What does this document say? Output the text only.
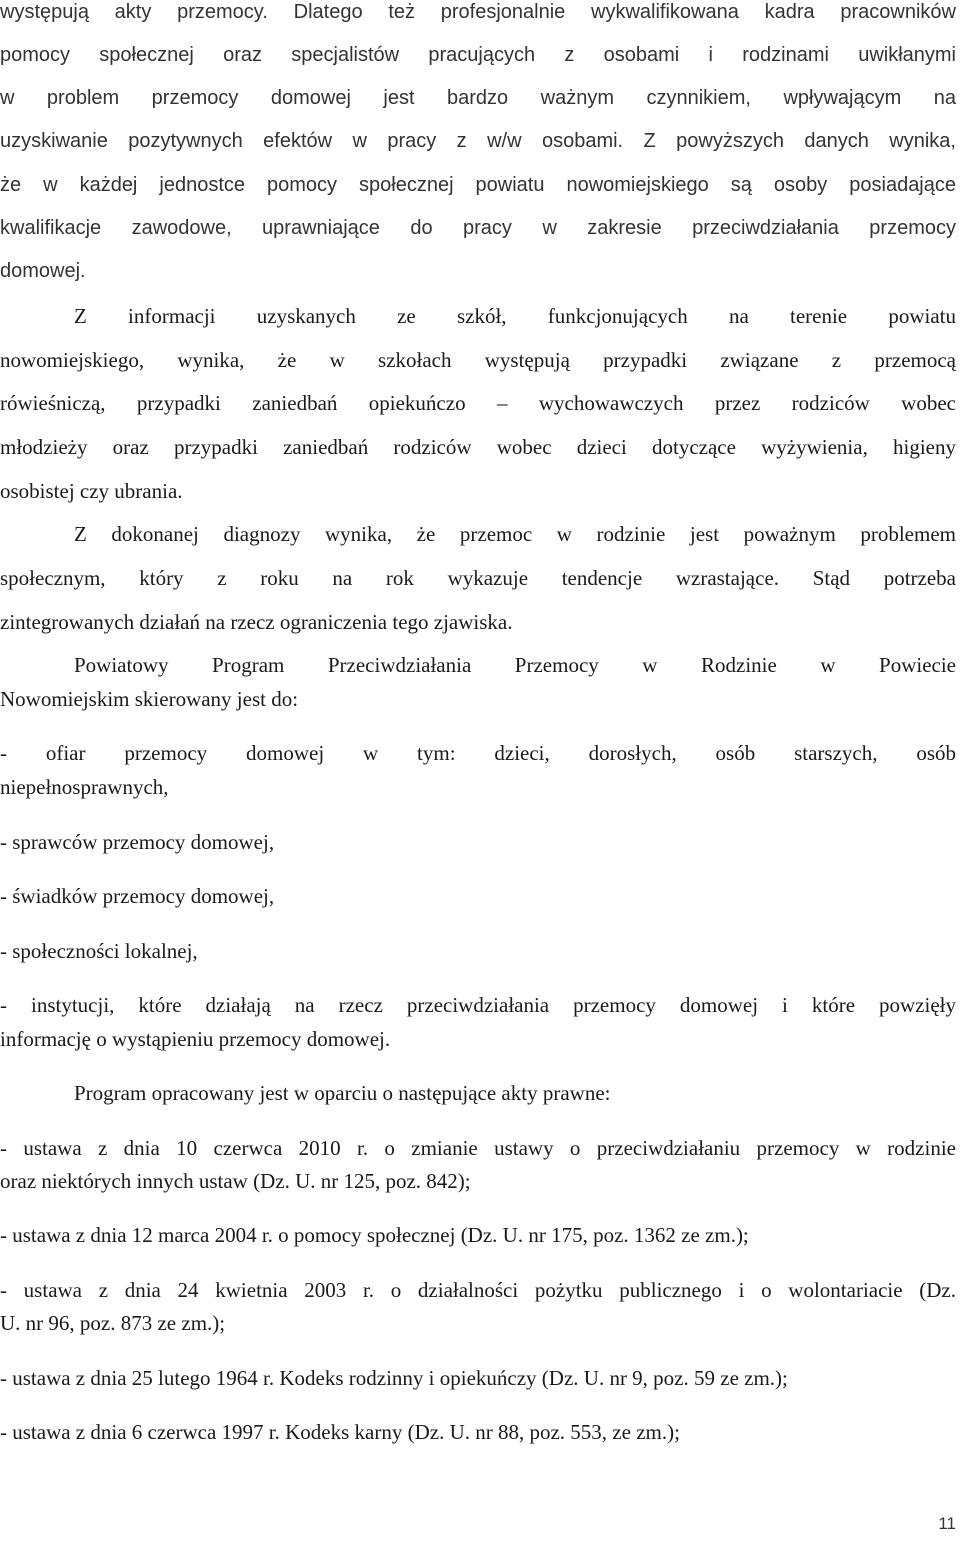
występują akty przemocy. Dlatego też profesjonalnie wykwalifikowana kadra pracowników
pomocy społecznej oraz specjalistów pracujących z osobami i rodzinami uwikłanymi
w problem przemocy domowej jest bardzo ważnym czynnikiem, wpływającym na
uzyskiwanie pozytywnych efektów w pracy z w/w osobami. Z powyższych danych wynika,
że w każdej jednostce pomocy społecznej powiatu nowomiejskiego są osoby posiadające
kwalifikacje zawodowe, uprawniające do pracy w zakresie przeciwdziałania przemocy
domowej.
Z informacji uzyskanych ze szkół, funkcjonujących na terenie powiatu
nowomiejskiego, wynika, że w szkołach występują przypadki związane z przemocą
rówieśniczą, przypadki zaniedbań opiekuńczo – wychowawczych przez rodziców wobec
młodzieży oraz przypadki zaniedbań rodziców wobec dzieci dotyczące wyżywienia, higieny
osobistej czy ubrania.
Z dokonanej diagnozy wynika, że przemoc w rodzinie jest poważnym problemem
społecznym, który z roku na rok wykazuje tendencje wzrastające. Stąd potrzeba
zintegrowanych działań na rzecz ograniczenia tego zjawiska.
Powiatowy Program Przeciwdziałania Przemocy w Rodzinie w Powiecie
Nowomiejskim skierowany jest do:
- ofiar przemocy domowej w tym: dzieci, dorosłych, osób starszych, osób
niepełnosprawnych,
- sprawców przemocy domowej,
- świadków przemocy domowej,
- społeczności lokalnej,
- instytucji, które działają na rzecz przeciwdziałania przemocy domowej i które powzięły
informację o wystąpieniu przemocy domowej.
Program opracowany jest w oparciu o następujące akty prawne:
- ustawa z dnia 10 czerwca 2010 r. o zmianie ustawy o przeciwdziałaniu przemocy w rodzinie
oraz niektórych innych ustaw (Dz. U. nr 125, poz. 842);
- ustawa z dnia 12 marca 2004 r. o pomocy społecznej (Dz. U. nr 175, poz. 1362 ze zm.);
- ustawa z dnia 24 kwietnia 2003 r. o działalności pożytku publicznego i o wolontariacie (Dz.
U. nr 96, poz. 873 ze zm.);
- ustawa z dnia 25 lutego 1964 r. Kodeks rodzinny i opiekuńczy (Dz. U. nr 9, poz. 59 ze zm.);
- ustawa z dnia 6 czerwca 1997 r. Kodeks karny (Dz. U. nr 88, poz. 553, ze zm.);
11
